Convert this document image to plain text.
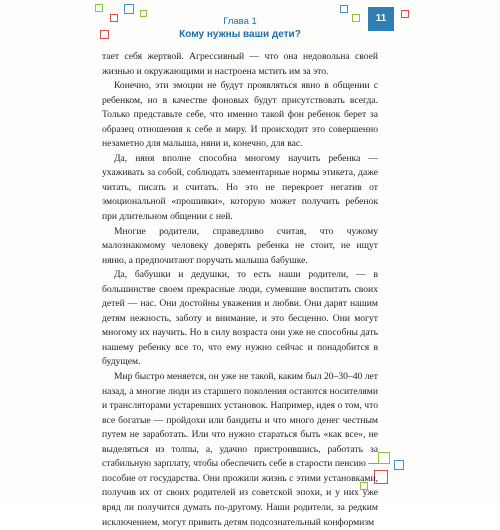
Глава 1
Кому нужны ваши дети?
11

тает себя жертвой. Агрессивный — что она недовольна своей жизнью и окружающими и настроена мстить им за это.

Конечно, эти эмоции не будут проявляться явно в общении с ребенком, но в качестве фоновых будут присутствовать всегда. Только представьте себе, что именно такой фон ребенок берет за образец отношения к себе и миру. И происходит это совершенно незаметно для малыша, няни и, конечно, для вас.

Да, няня вполне способна многому научить ребенка — ухаживать за собой, соблюдать элементарные нормы этикета, даже читать, писать и считать. Но это не перекроет негатив от эмоциональной «прошивки», которую может получить ребенок при длительном общении с ней.

Многие родители, справедливо считая, что чужому малознакомому человеку доверять ребенка не стоит, не ищут няню, а предпочитают поручать малыша бабушке.

Да, бабушки и дедушки, то есть наши родители, — в большинстве своем прекрасные люди, сумевшие воспитать своих детей — нас. Они достойны уважения и любви. Они дарят нашим детям нежность, заботу и внимание, и это бесценно. Они могут многому их научить. Но в силу возраста они уже не способны дать нашему ребенку все то, что ему нужно сейчас и понадобится в будущем.

Мир быстро меняется, он уже не такой, каким был 20–30–40 лет назад, а многие люди из старшего поколения остаются носителями и трансляторами устаревших установок. Например, идея о том, что все богатые — пройдохи или бандиты и что много денег честным путем не заработать. Или что нужно стараться быть «как все», не выделяться из толпы, а, удачно пристроившись, работать за стабильную зарплату, чтобы обеспечить себе в старости пенсию — пособие от государства. Они прожили жизнь с этими установками, получив их от своих родителей из советской эпохи, и у них уже вряд ли получится думать по-другому. Наши родители, за редким исключением, могут привить детям подсознательный конформизм
